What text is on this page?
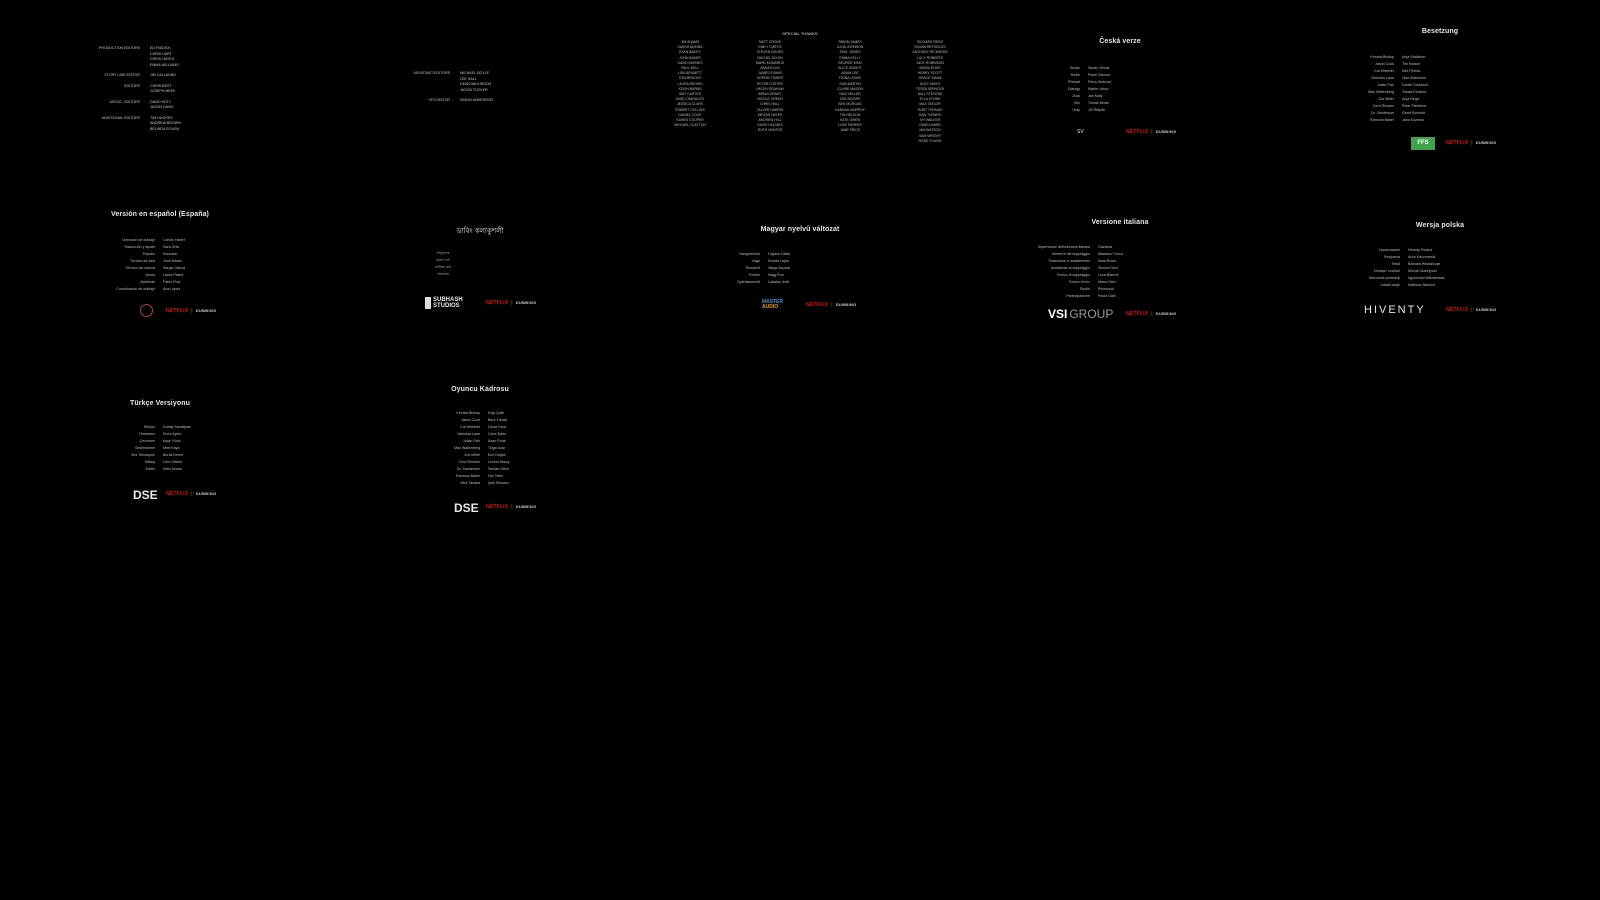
PRODUCTION EDITORS	ED RIDDICK
CHRIS HART
CHRIS HAYES
EMMA WILLIAMS
STORY LINE EDITOR	JIM CALLAHAN
EDITORS	CHRIS BEST
JOSEPH MEEK
ASSOC. EDITORS	DAVID HOLT
JASON DAVIS
ADDITIONAL EDITORS	TIM HUGHES
ANDREW BROWN
BELINDA ROUSH
ASSISTANT EDITORS	MICHAEL DOYLE
LEE HALL
DEAN WILKINSON
JASON TUCKER
VFX EDITOR	SIMON ANDERSON
SPECIAL THANKS
JIM ADAMS
SARAH ADKINS
RYAN BAILEY
JOHN BAKER
DAVID BARNES
PAUL BELL
LISA BENNETT
TOM BROOKS
LAURA BROWN
KEVIN BURNS
AMY CARTER
MIKE CHANDLER
JESSICA CLARK
ROBERT COLLINS
DANIEL COOK
KAREN COOPER
MICHAEL CLAYTON
MATT CROSS
EMILY CURTIS
STEVEN DAVIES
RACHEL DIXON
MARK EDWARDS
ANNA ELLIS
JAMES EVANS
SOPHIE FISHER
PETER FOSTER
HELEN GRAHAM
BRIAN GRANT
NICOLE GREEN
CHRIS HALL
OLIVER HARRIS
MEGAN HAYES
ANDREW HILL
DAVID HOLMES
RUTH HUNTER
SIMON JAMES
JULIA JOHNSON
PAUL JONES
EMMA KELLY
GEORGE KING
ALICE KNIGHT
ADAM LEE
FIONA LEWIS
SAM MARTIN
CLAIRE MASON
NICK MILLER
ZOE MOORE
BEN MORGAN
HANNAH MURPHY
TIM NELSON
KATE OWEN
LUKE PARKER
JANE PRICE
RICHARD REED
SUSAN REYNOLDS
ANTHONY RICHARDS
LUCY ROBERTS
JACK ROBINSON
MARIA ROSS
HENRY SCOTT
GRACE SHAW
ALEX SMITH
TESSA SPENCER
WILL STEVENS
ELLA STONE
MAX TAYLOR
RUBY THOMAS
DAN TURNER
IVY WALKER
OWEN WARD
MIA WATSON
SAM WRIGHT
ROSE YOUNG
Česká verze
Studio	Studio Virtual
Režie	Pavel Vokoun
Překlad	Petra Jindrová
Dialogy	Martin Vávra
Zvuk	Jan Malý
Mix	Tomáš Beran
Hrají	Jiří Štěpán
SV	NETFLIX | DUBBING
Besetzung
Kendra Bishop	Anja Stadlober
Jason Cook	Tim Knauer
Kai Wheeler	Dirk Petrick
Nicholas Lane	Uwe Büschken
Julian Fisk	Daniel Schlauch
Max Wallenberg	Tobias Kluckert
Zoe Miller	Anja Kluge
Cecil Rhodes	Peter Flechtner
Dr. Sanderson	Gerrit Schmidt
Ramona Baker	Jana Kozewa
FFS	NETFLIX | DUBBING
Versión en español (España)
Dirección de doblaje	Carlos Ysbert
Traducción y ajuste	Sara Ortiz
Estudio	Soundub
Técnico de sala	Jordi Martín
Técnico de mezcla	Sergio García
Voces	Laura Pastor
Asistente	Pablo Ruiz
Coordinación de doblaje	Ana López
NETFLIX | DUBBING
ডাবিং কলাকুশলী
অনুবাদক
রতন দাস
তানিয়া রায়
সঞ্চালক
SUBHASH
STUDIOS	NETFLIX | DUBBING
Magyar nyelvű változat
Hangmérnök	Gajdos Zoltán
Vágó	Kránitz Lajos
Rendező	Varga Zsuzsa
Fordító	Nagy Éva
Gyártásvezető	Lakatos Judit
MASTER
AUDIO	NETFLIX | DUBBING
Versione italiana
Supervisore dell'edizione italiana	Gianluca
Direttore del doppiaggio	Massimo Corvo
Traduzione e adattamento	Ilaria Rossi
Assistente al doppiaggio	Simone Mori
Fonico di doppiaggio	Luca Bianchi
Fonico di mix	Marco Neri
Studio	Pinewood
Partecipazione	Paola Galli
VSI GROUP	NETFLIX | DUBBING
Wersja polska
Opracowanie	Hiventy Poland
Reżyseria	Artur Kaczmarski
Tekst	Barbara Włodarczyk
Dźwięk i montaż	Michał Skarżyński
Kierownik produkcji	Agnieszka Wiśniewska
Udział wzięli	Mateusz Narloch
HIVENTY	NETFLIX | DUBBING
Türkçe Versiyonu
Stüdyo	Dublaj Sanatçıları
Yönetmen	Emre Aydın
Çevirmen	Ayşe Yıldız
Seslendirme	Mert Kaya
Ses Teknisyeni	Burak Demir
Miksaj	Cem Öztürk
Editör	Selin Arslan
DSE NETFLIX | DUBBING
Oyuncu Kadrosu
Kendra Bishop	Ezgi Çelik
Jason Cook	Berk Yılmaz
Kai Wheeler	Deniz Kara
Nicholas Lane	Onur Şahin
Julian Fisk	Kaan Polat
Max Wallenberg	Tolga Uçar
Zoe Miller	Ece Doğan
Cecil Rhodes	Levent Aksoy
Dr. Sanderson	Serkan Güler
Ramona Baker	Nur Tekin
Mira Tanaka	İpek Sönmez
DSE NETFLIX | DUBBING
